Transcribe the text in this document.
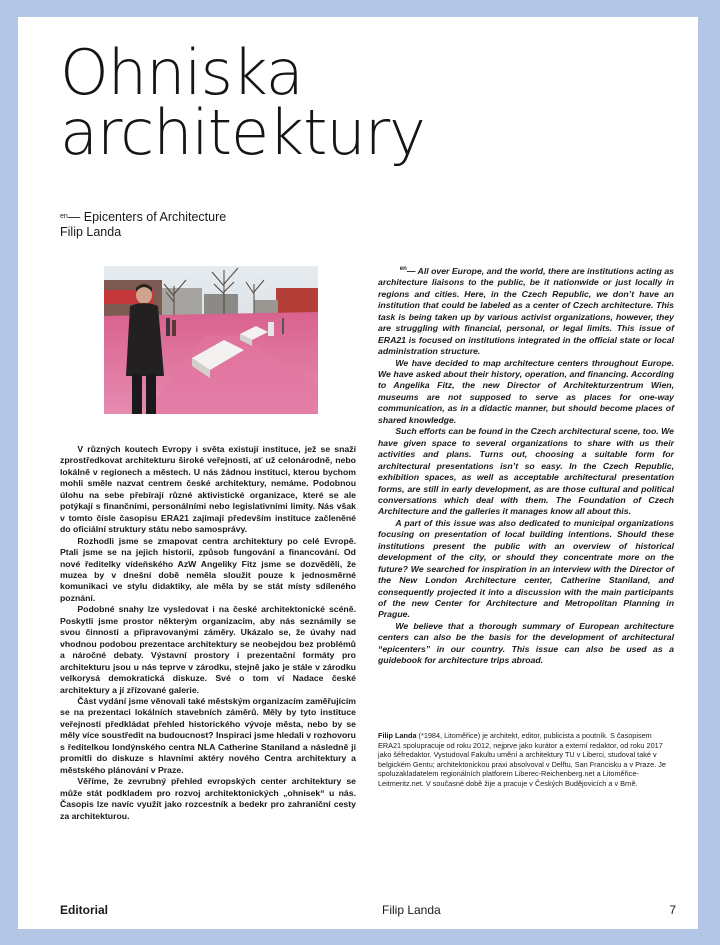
Ohniska
architektury
$^{en}$— Epicenters of Architecture
Filip Landa

V různých koutech Evropy i světa existují instituce, jež se snaží zprostředkovat architekturu široké veřejnosti, ať už celonárodně, nebo lokálně v regionech a městech. U nás žádnou instituci, kterou bychom mohli směle nazvat centrem české architektury, nemáme. Podobnou úlohu na sebe přebírají různé aktivistické organizace, které se ale potýkají s finančními, personálními nebo legislativními limity. Nás však v tomto čísle časopisu ERA21 zajímají především instituce začleněné do oficiální struktury státu nebo samosprávy.

Rozhodli jsme se zmapovat centra architektury po celé Evropě. Ptali jsme se na jejich historii, způsob fungování a financování. Od nové ředitelky vídeňského AzW Angeliky Fitz jsme se dozvěděli, že muzea by v dnešní době neměla sloužit pouze k jednosměrné komunikaci ve stylu didaktiky, ale měla by se stát místy sdíleného poznání.

Podobné snahy lze vysledovat i na české architektonické scéně. Poskytli jsme prostor některým organizacím, aby nás seznámily se svou činností a připravovanými záměry. Ukázalo se, že úvahy nad vhodnou podobou prezentace architektury se neobejdou bez problémů a náročné debaty. Výstavní prostory i prezentační formáty pro architekturu jsou u nás teprve v zárodku, stejně jako je stále v zárodku velkorysá demokratická diskuze. Své o tom ví Nadace české architektury a jí zřízované galerie.

Část vydání jsme věnovali také městským organizacím zaměřujícím se na prezentaci lokálních stavebních záměrů. Měly by tyto instituce veřejnosti předkládat přehled historického vývoje města, nebo by se měly více soustředit na budoucnost? Inspiraci jsme hledali v rozhovoru s ředitelkou londýnského centra NLA Catherine Staniland a následně ji promítli do diskuze s hlavními aktéry nového Centra architektury a městského plánování v Praze.

Věříme, že zevrubný přehled evropských center architektury se může stát podkladem pro rozvoj architektonických „ohnisek“ u nás. Časopis lze navíc využít jako rozcestník a bedekr pro zahraniční cesty za architekturou.

$^{en}$— All over Europe, and the world, there are institutions acting as architecture liaisons to the public, be it nationwide or just locally in regions and cities. Here, in the Czech Republic, we don’t have an institution that could be labeled as a center of Czech architecture. This task is being taken up by various activist organizations, however, they are struggling with financial, personal, or legal limits. This issue of ERA21 is focused on institutions integrated in the official state or local administration structure.

We have decided to map architecture centers throughout Europe. We have asked about their history, operation, and financing. According to Angelika Fitz, the new Director of Architekturzentrum Wien, museums are not supposed to serve as places for one-way communication, as in a didactic manner, but should become places of shared knowledge.

Such efforts can be found in the Czech architectural scene, too. We have given space to several organizations to share with us their activities and plans. Turns out, choosing a suitable form for architectural presentations isn’t so easy. In the Czech Republic, exhibition spaces, as well as acceptable architectural presentation forms, are still in early development, as are those cultural and political conversations which deal with them. The Foundation of Czech Architecture and the galleries it manages know all about this.

A part of this issue was also dedicated to municipal organizations focusing on presentation of local building intentions. Should these institutions present the public with an overview of historical development of the city, or should they concentrate more on the future? We searched for inspiration in an interview with the Director of the New London Architecture center, Catherine Staniland, and consequently projected it into a discussion with the main participants of the new Center for Architecture and Metropolitan Planning in Prague.

We believe that a thorough summary of European architecture centers can also be the basis for the development of architectural “epicenters” in our country. This issue can also be used as a guidebook for architecture trips abroad.

Filip Landa (*1984, Litoměřice) je architekt, editor, publicista a poutník. S časopisem ERA21 spolupracuje od roku 2012, nejprve jako kurátor a externí redaktor, od roku 2017 jako šéfredaktor. Vystudoval Fakultu umění a architektury TU v Liberci, studoval také v belgickém Gentu; architektonickou praxi absolvoval v Delftu, San Francisku a v Praze. Je spoluzakladatelem regionálních platforem Liberec-Reichenberg.net a Litoměřice-Leitmeritz.net. V současné době žije a pracuje v Českých Budějovicích a v Brně.
Editorial	Filip Landa	7
